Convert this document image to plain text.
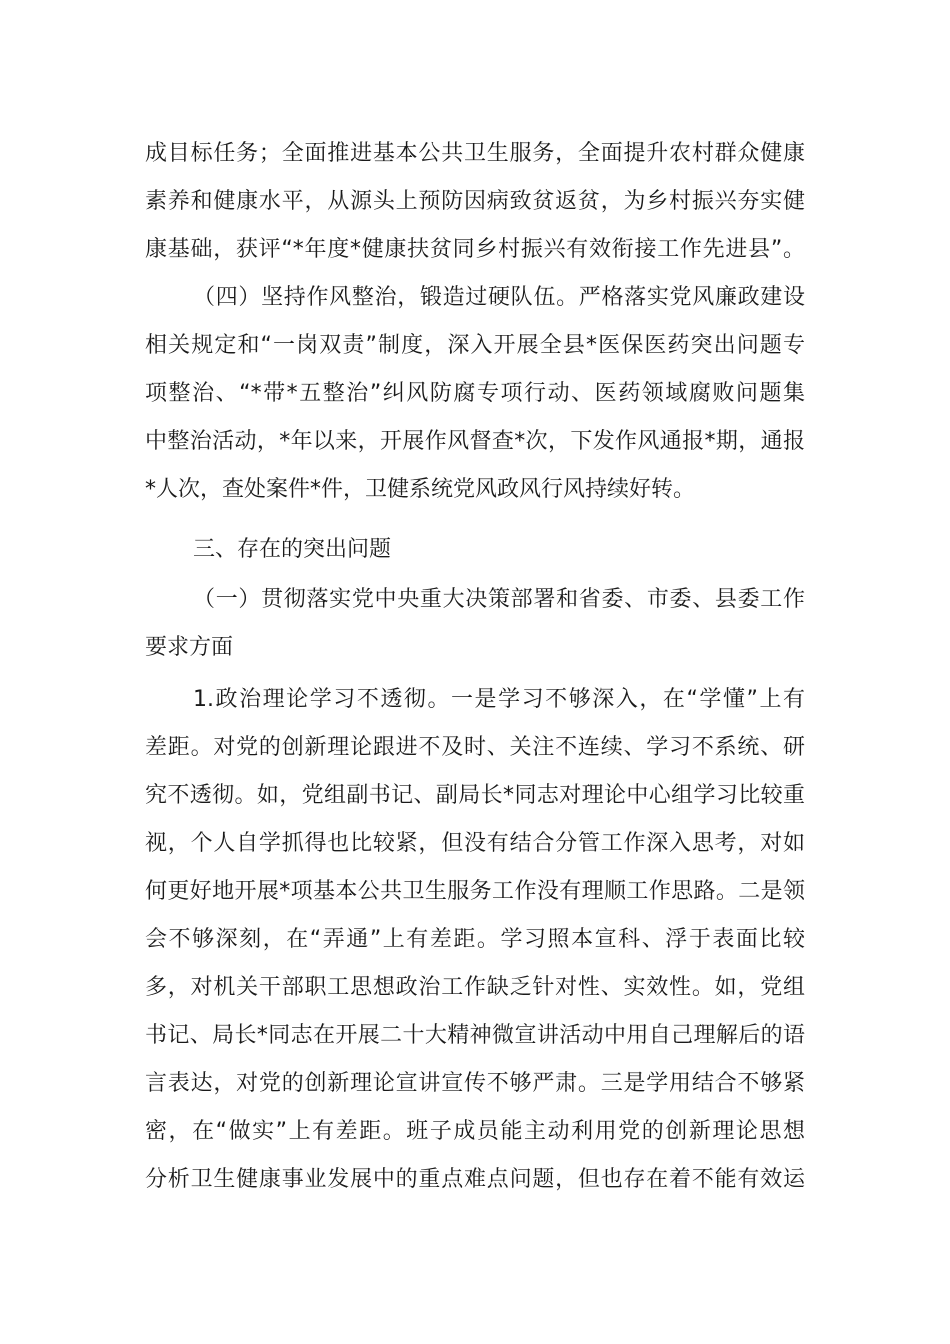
成目标任务；全面推进基本公共卫生服务，全面提升农村群众健康
素养和健康水平，从源头上预防因病致贫返贫，为乡村振兴夯实健
康基础，获评“*年度*健康扶贫同乡村振兴有效衔接工作先进县”。
（四）坚持作风整治，锻造过硬队伍。严格落实党风廉政建设
相关规定和“一岗双责”制度，深入开展全县*医保医药突出问题专
项整治、“*带*五整治”纠风防腐专项行动、医药领域腐败问题集
中整治活动，*年以来，开展作风督查*次，下发作风通报*期，通报
*人次，查处案件*件，卫健系统党风政风行风持续好转。
三、存在的突出问题
（一）贯彻落实党中央重大决策部署和省委、市委、县委工作
要求方面
1.政治理论学习不透彻。一是学习不够深入，在“学懂”上有
差距。对党的创新理论跟进不及时、关注不连续、学习不系统、研
究不透彻。如，党组副书记、副局长*同志对理论中心组学习比较重
视，个人自学抓得也比较紧，但没有结合分管工作深入思考，对如
何更好地开展*项基本公共卫生服务工作没有理顺工作思路。二是领
会不够深刻，在“弄通”上有差距。学习照本宣科、浮于表面比较
多，对机关干部职工思想政治工作缺乏针对性、实效性。如，党组
书记、局长*同志在开展二十大精神微宣讲活动中用自己理解后的语
言表达，对党的创新理论宣讲宣传不够严肃。三是学用结合不够紧
密，在“做实”上有差距。班子成员能主动利用党的创新理论思想
分析卫生健康事业发展中的重点难点问题，但也存在着不能有效运
